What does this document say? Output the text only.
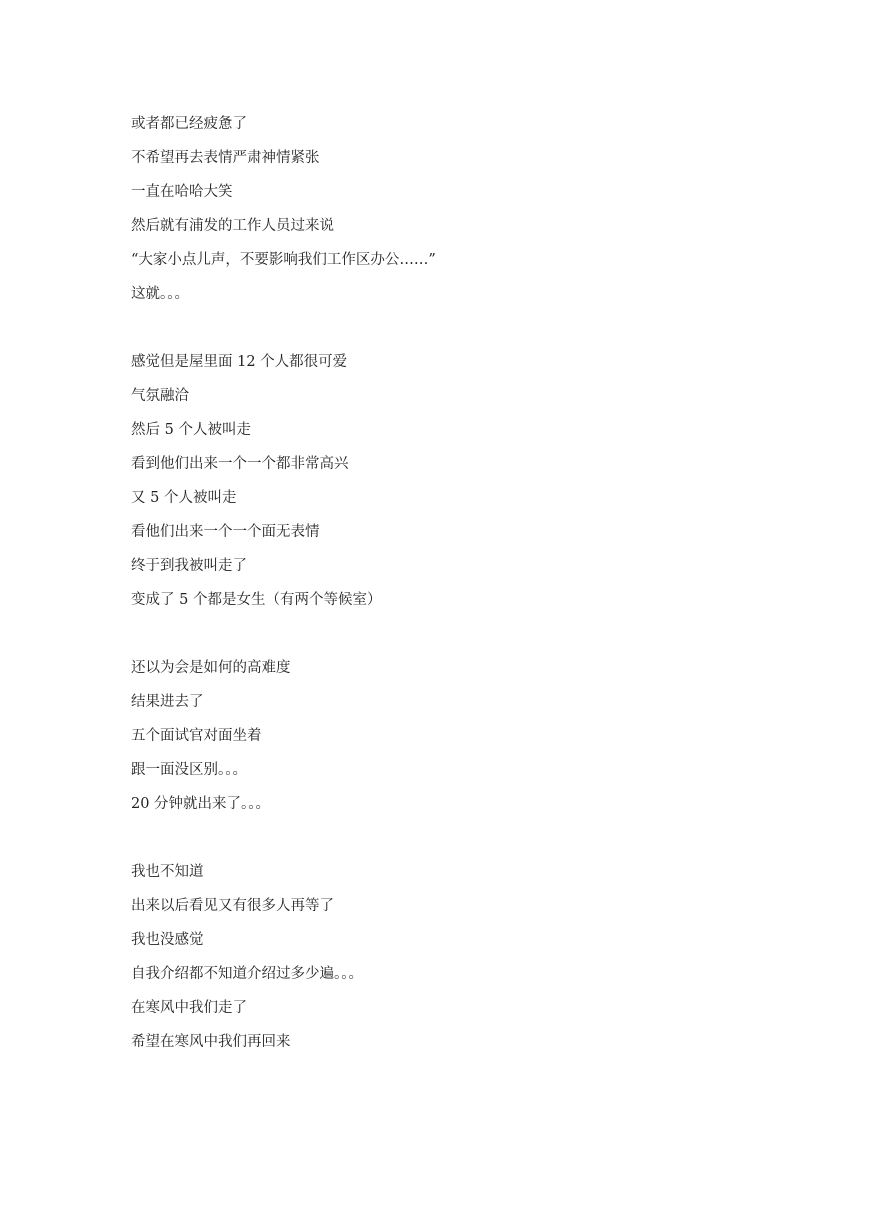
或者都已经疲惫了
不希望再去表情严肃神情紧张
一直在哈哈大笑
然后就有浦发的工作人员过来说
“大家小点儿声，不要影响我们工作区办公……”
这就。。。
感觉但是屋里面 12 个人都很可爱
气氛融洽
然后 5 个人被叫走
看到他们出来一个一个都非常高兴
又 5 个人被叫走
看他们出来一个一个面无表情
终于到我被叫走了
变成了 5 个都是女生（有两个等候室）
还以为会是如何的高难度
结果进去了
五个面试官对面坐着
跟一面没区别。。。
20 分钟就出来了。。。
我也不知道
出来以后看见又有很多人再等了
我也没感觉
自我介绍都不知道介绍过多少遍。。。
在寒风中我们走了
希望在寒风中我们再回来
